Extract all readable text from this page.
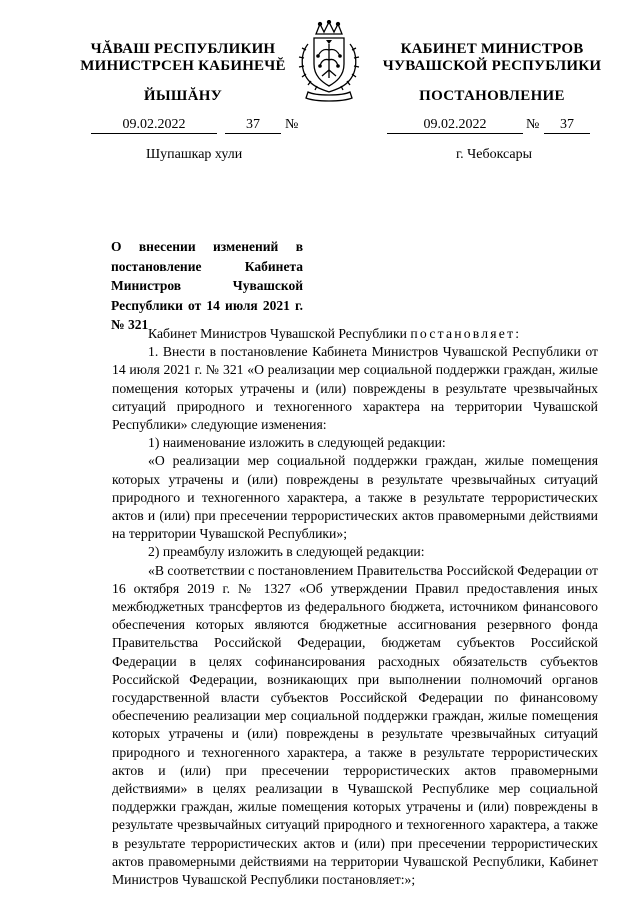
ЧĂВАШ РЕСПУБЛИКИН
МИНИСТРСЕН КАБИНЕЧĔ
ЙЫШĂНУ
КАБИНЕТ МИНИСТРОВ
ЧУВАШСКОЙ РЕСПУБЛИКИ
ПОСТАНОВЛЕНИЕ
09.02.2022	37	№	09.02.2022	№	37
Шупашкар хули	г. Чебоксары
О внесении изменений в постановление Кабинета Министров Чувашской Республики от 14 июля 2021 г. № 321

Кабинет Министров Чувашской Республики постановляет:

1. Внести в постановление Кабинета Министров Чувашской Республики от 14 июля 2021 г. № 321 «О реализации мер социальной поддержки граждан, жилые помещения которых утрачены и (или) повреждены в результате чрезвычайных ситуаций природного и техногенного характера на территории Чувашской Республики» следующие изменения:

1) наименование изложить в следующей редакции:

«О реализации мер социальной поддержки граждан, жилые помещения которых утрачены и (или) повреждены в результате чрезвычайных ситуаций природного и техногенного характера, а также в результате террористических актов и (или) при пресечении террористических актов правомерными действиями на территории Чувашской Республики»;

2) преамбулу изложить в следующей редакции:

«В соответствии с постановлением Правительства Российской Федерации от 16 октября 2019 г. № 1327 «Об утверждении Правил предоставления иных межбюджетных трансфертов из федерального бюджета, источником финансового обеспечения которых являются бюджетные ассигнования резервного фонда Правительства Российской Федерации, бюджетам субъектов Российской Федерации в целях софинансирования расходных обязательств субъектов Российской Федерации, возникающих при выполнении полномочий органов государственной власти субъектов Российской Федерации по финансовому обеспечению реализации мер социальной поддержки граждан, жилые помещения которых утрачены и (или) повреждены в результате чрезвычайных ситуаций природного и техногенного характера, а также в результате террористических актов и (или) при пресечении террористических актов правомерными действиями» в целях реализации в Чувашской Республике мер социальной поддержки граждан, жилые помещения которых утрачены и (или) повреждены в результате чрезвычайных ситуаций природного и техногенного характера, а также в результате террористических актов и (или) при пресечении террористических актов правомерными действиями на территории Чувашской Республики, Кабинет Министров Чувашской Республики постановляет:»;
